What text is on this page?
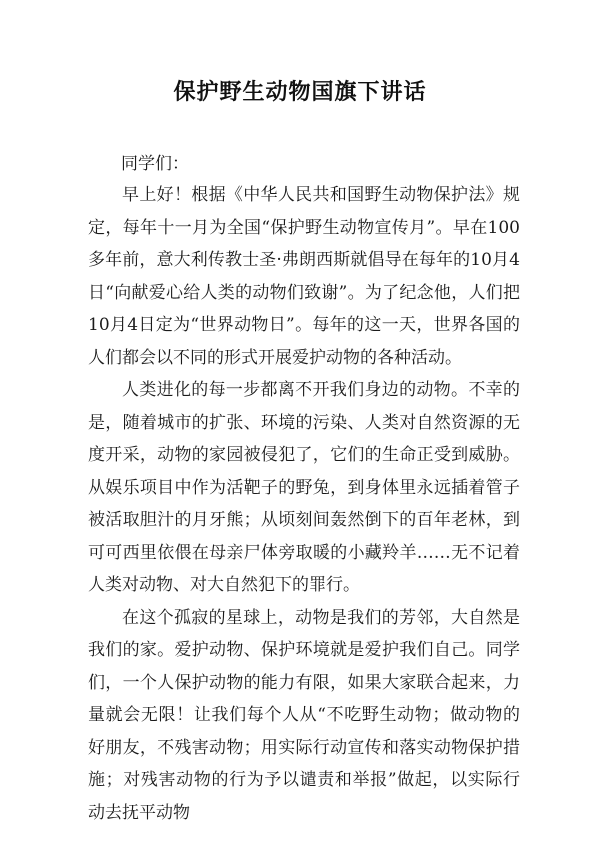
保护野生动物国旗下讲话
同学们：

早上好！根据《中华人民共和国野生动物保护法》规定，每年十一月为全国“保护野生动物宣传月”。早在100多年前，意大利传教士圣·弗朗西斯就倡导在每年的10月4日“向献爱心给人类的动物们致谢”。为了纪念他，人们把10月4日定为“世界动物日”。每年的这一天，世界各国的人们都会以不同的形式开展爱护动物的各种活动。

人类进化的每一步都离不开我们身边的动物。不幸的是，随着城市的扩张、环境的污染、人类对自然资源的无度开采，动物的家园被侵犯了，它们的生命正受到威胁。从娱乐项目中作为活靶子的野兔，到身体里永远插着管子被活取胆汁的月牙熊；从顷刻间轰然倒下的百年老林，到可可西里依偎在母亲尸体旁取暖的小藏羚羊……无不记着人类对动物、对大自然犯下的罪行。

在这个孤寂的星球上，动物是我们的芳邻，大自然是我们的家。爱护动物、保护环境就是爱护我们自己。同学们，一个人保护动物的能力有限，如果大家联合起来，力量就会无限！让我们每个人从“不吃野生动物；做动物的好朋友，不残害动物；用实际行动宣传和落实动物保护措施；对残害动物的行为予以谴责和举报”做起，以实际行动去抚平动物
